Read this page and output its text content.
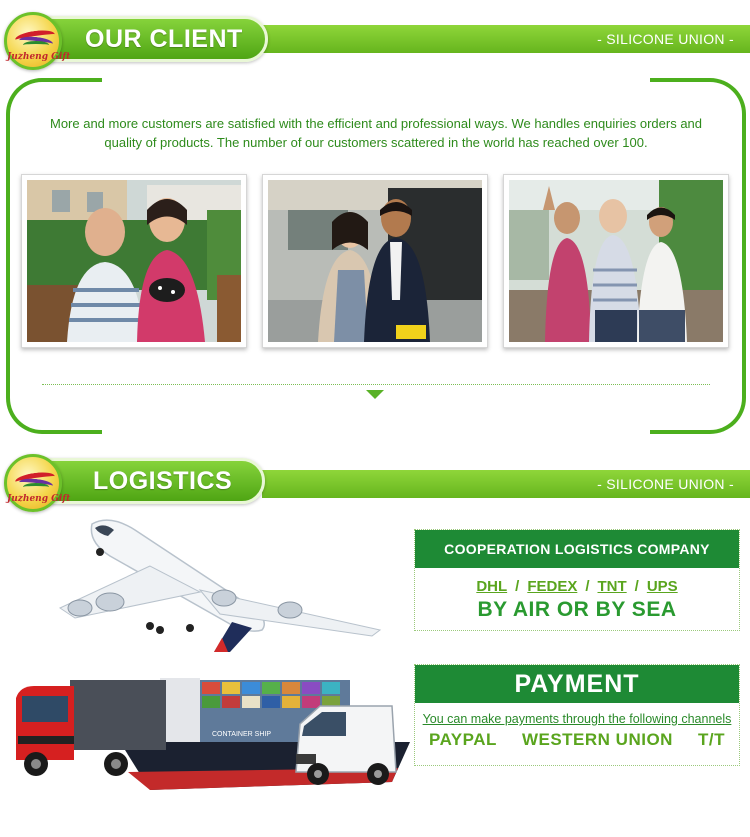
- SILICONE UNION -
OUR CLIENT
Juzheng Gift

More and more customers are satisfied with the efficient and professional ways. We handles enquiries orders and quality of products. The number of our customers scattered in the world has reached over 100.

- SILICONE UNION -
LOGISTICS
Juzheng Gift
CONTAINER SHIP
COOPERATION LOGISTICS COMPANY
DHL / FEDEX / TNT / UPS
BY AIR OR BY SEA
PAYMENT
You can make payments through the following channels
PAYPAL WESTERN UNION T/T
